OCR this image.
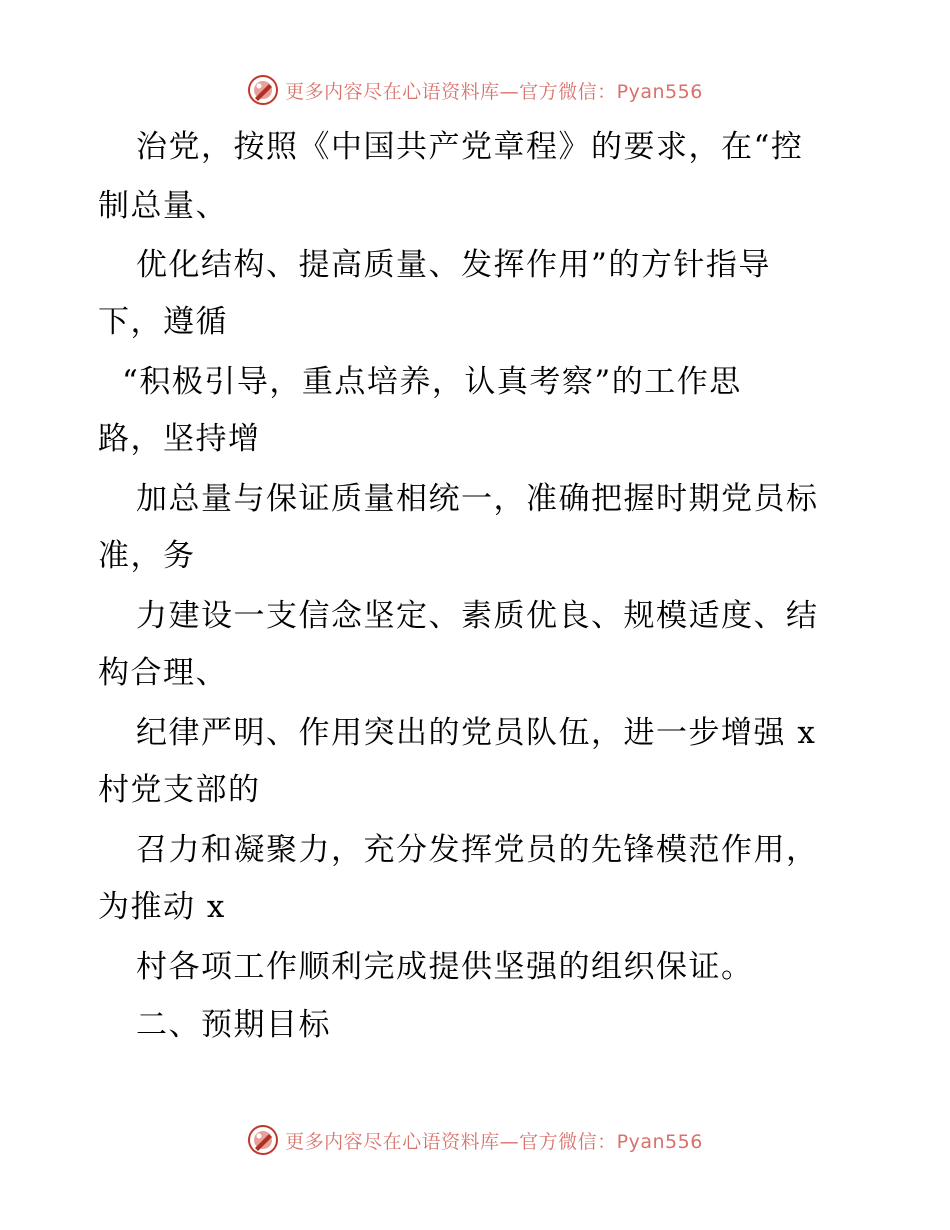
更多内容尽在心语资料库—官方微信：Pyan556
治党，按照《中国共产党章程》的要求，在“控
制总量、
优化结构、提高质量、发挥作用”的方针指导
下，遵循
“积极引导，重点培养，认真考察”的工作思
路，坚持增
加总量与保证质量相统一，准确把握时期党员标
准，务
力建设一支信念坚定、素质优良、规模适度、结
构合理、
纪律严明、作用突出的党员队伍，进一步增强 x
村党支部的
召力和凝聚力，充分发挥党员的先锋模范作用，
为推动 x
村各项工作顺利完成提供坚强的组织保证。
二、预期目标
更多内容尽在心语资料库—官方微信：Pyan556
